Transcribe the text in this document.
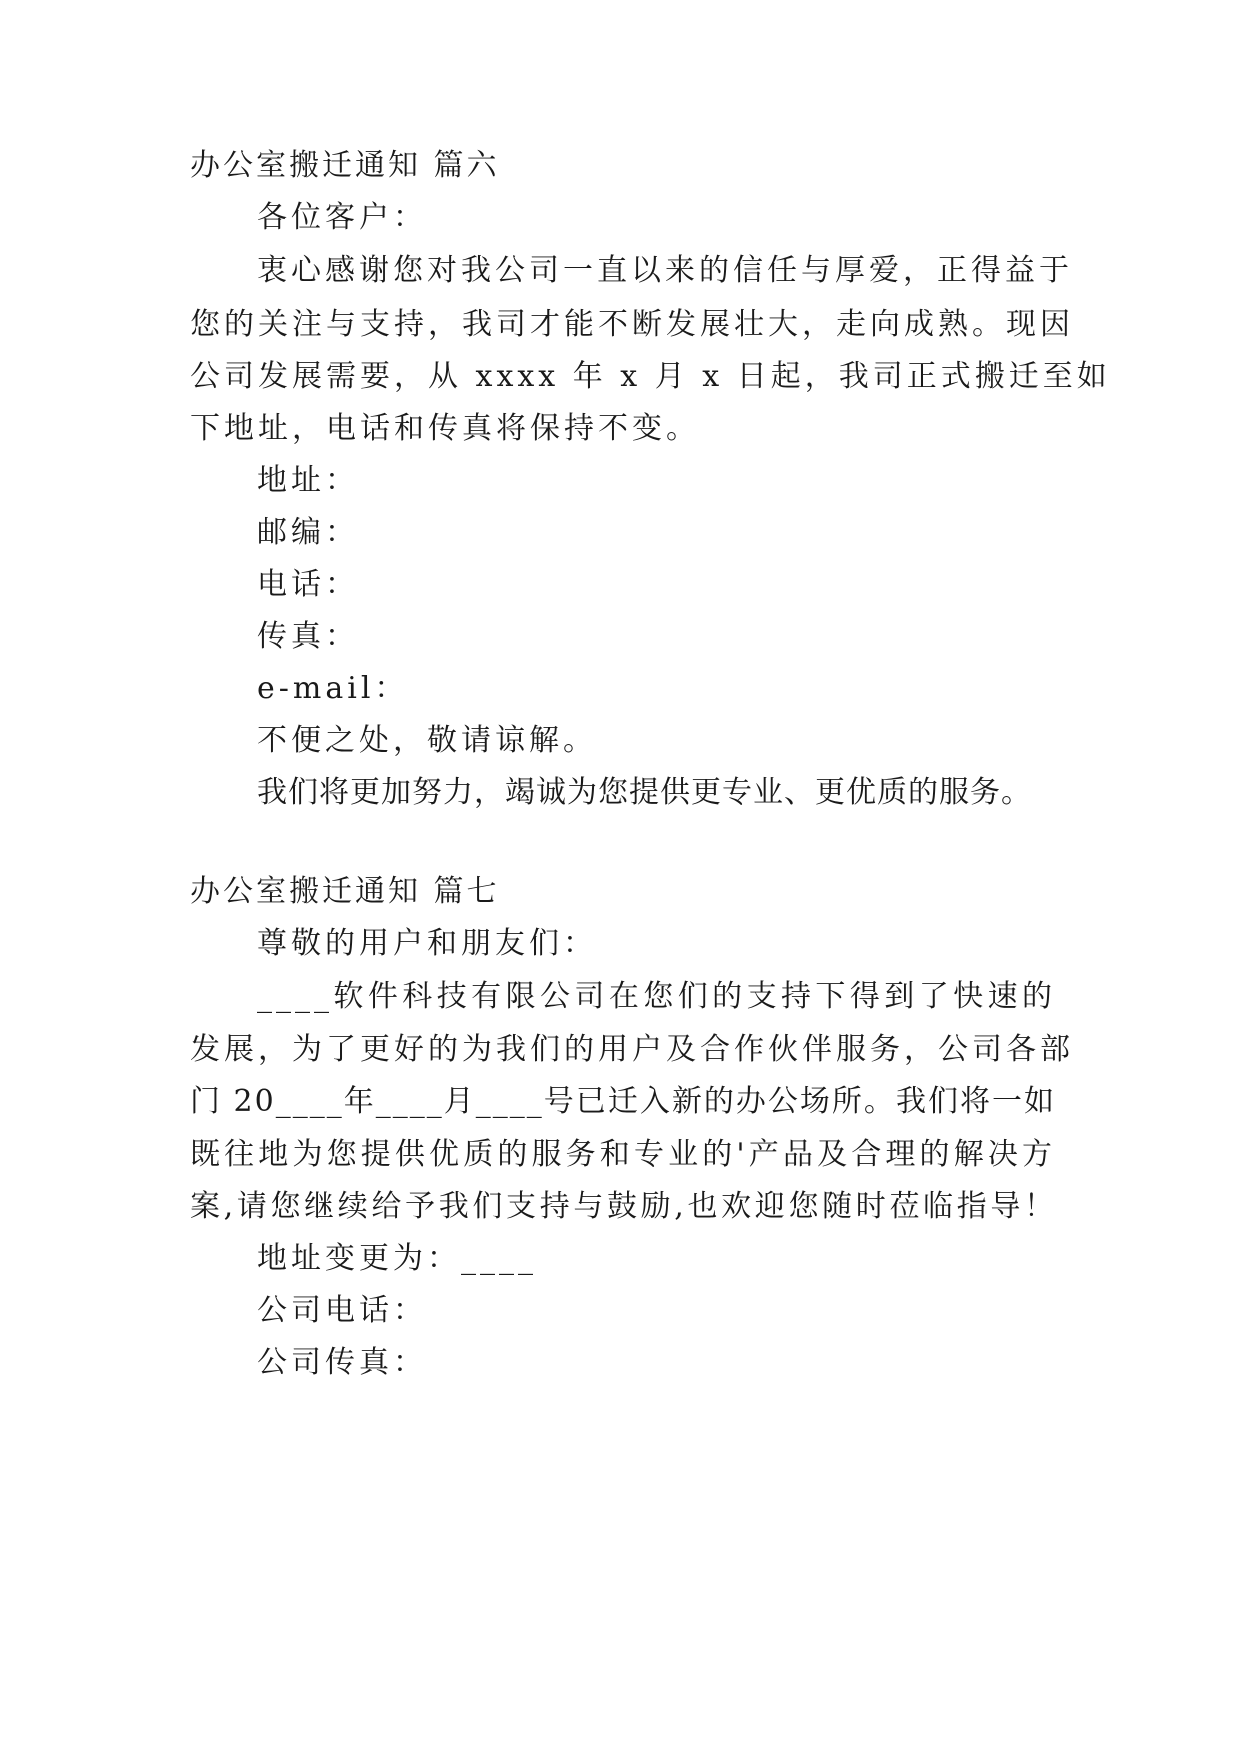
办公室搬迁通知 篇六
各位客户：
衷心感谢您对我公司一直以来的信任与厚爱，正得益于
您的关注与支持，我司才能不断发展壮大，走向成熟。现因
公司发展需要，从 xxxx 年 x 月 x 日起，我司正式搬迁至如
下地址，电话和传真将保持不变。
地址：
邮编：
电话：
传真：
e-mail：
不便之处，敬请谅解。
我们将更加努力，竭诚为您提供更专业、更优质的服务。
办公室搬迁通知 篇七
尊敬的用户和朋友们：
____软件科技有限公司在您们的支持下得到了快速的
发展，为了更好的为我们的用户及合作伙伴服务，公司各部
门 20____年____月____号已迁入新的办公场所。我们将一如
既往地为您提供优质的服务和专业的'产品及合理的解决方
案,请您继续给予我们支持与鼓励,也欢迎您随时莅临指导！
地址变更为：____
公司电话：
公司传真：
